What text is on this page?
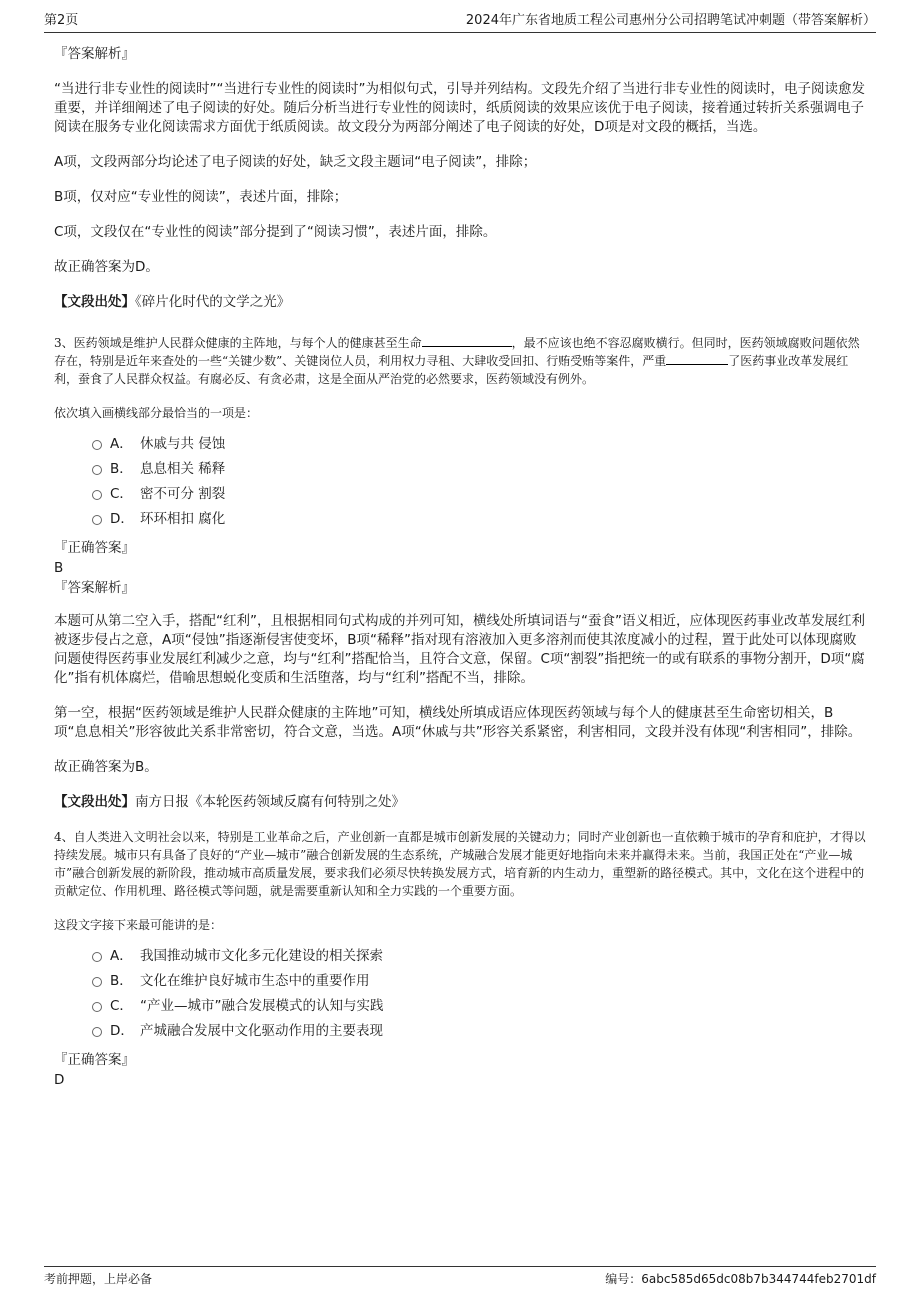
第2页	2024年广东省地质工程公司惠州分公司招聘笔试冲刺题（带答案解析）

『答案解析』

“当进行非专业性的阅读时”“当进行专业性的阅读时”为相似句式，引导并列结构。文段先介绍了当进行非专业性的阅读时，电子阅读愈发重要，并详细阐述了电子阅读的好处。随后分析当进行专业性的阅读时，纸质阅读的效果应该优于电子阅读，接着通过转折关系强调电子阅读在服务专业化阅读需求方面优于纸质阅读。故文段分为两部分阐述了电子阅读的好处，D项是对文段的概括，当选。

A项，文段两部分均论述了电子阅读的好处，缺乏文段主题词“电子阅读”，排除；

B项，仅对应“专业性的阅读”，表述片面，排除；

C项，文段仅在“专业性的阅读”部分提到了“阅读习惯”，表述片面，排除。

故正确答案为D。

【文段出处】《碎片化时代的文学之光》

3、医药领域是维护人民群众健康的主阵地，与每个人的健康甚至生命	，最不应该也绝不容忍腐败横行。但同时，医药领域腐败问题依然存在，特别是近年来查处的一些“关键少数”、关键岗位人员，利用权力寻租、大肆收受回扣、行贿受贿等案件，严重	了医药事业改革发展红利，蚕食了人民群众权益。有腐必反、有贪必肃，这是全面从严治党的必然要求，医药领域没有例外。

依次填入画横线部分最恰当的一项是：

A． 休戚与共 侵蚀
B． 息息相关 稀释
C． 密不可分 割裂
D． 环环相扣 腐化

『正确答案』

B

『答案解析』

本题可从第二空入手，搭配“红利”，且根据相同句式构成的并列可知，横线处所填词语与“蚕食”语义相近，应体现医药事业改革发展红利被逐步侵占之意，A项“侵蚀”指逐渐侵害使变坏，B项“稀释”指对现有溶液加入更多溶剂而使其浓度减小的过程，置于此处可以体现腐败问题使得医药事业发展红利减少之意，均与“红利”搭配恰当，且符合文意，保留。C项“割裂”指把统一的或有联系的事物分割开，D项“腐化”指有机体腐烂，借喻思想蜕化变质和生活堕落，均与“红利”搭配不当，排除。

第一空，根据“医药领域是维护人民群众健康的主阵地”可知，横线处所填成语应体现医药领域与每个人的健康甚至生命密切相关，B项“息息相关”形容彼此关系非常密切，符合文意，当选。A项“休戚与共”形容关系紧密，利害相同，文段并没有体现“利害相同”，排除。

故正确答案为B。

【文段出处】南方日报《本轮医药领域反腐有何特别之处》

4、自人类进入文明社会以来，特别是工业革命之后，产业创新一直都是城市创新发展的关键动力；同时产业创新也一直依赖于城市的孕育和庇护，才得以持续发展。城市只有具备了良好的“产业—城市”融合创新发展的生态系统，产城融合发展才能更好地指向未来并赢得未来。当前，我国正处在“产业—城市”融合创新发展的新阶段，推动城市高质量发展，要求我们必须尽快转换发展方式，培育新的内生动力，重塑新的路径模式。其中，文化在这个进程中的贡献定位、作用机理、路径模式等问题，就是需要重新认知和全力实践的一个重要方面。

这段文字接下来最可能讲的是：

A． 我国推动城市文化多元化建设的相关探索
B． 文化在维护良好城市生态中的重要作用
C． “产业—城市”融合发展模式的认知与实践
D． 产城融合发展中文化驱动作用的主要表现

『正确答案』

D

考前押题，上岸必备	编号：6abc585d65dc08b7b344744feb2701df
